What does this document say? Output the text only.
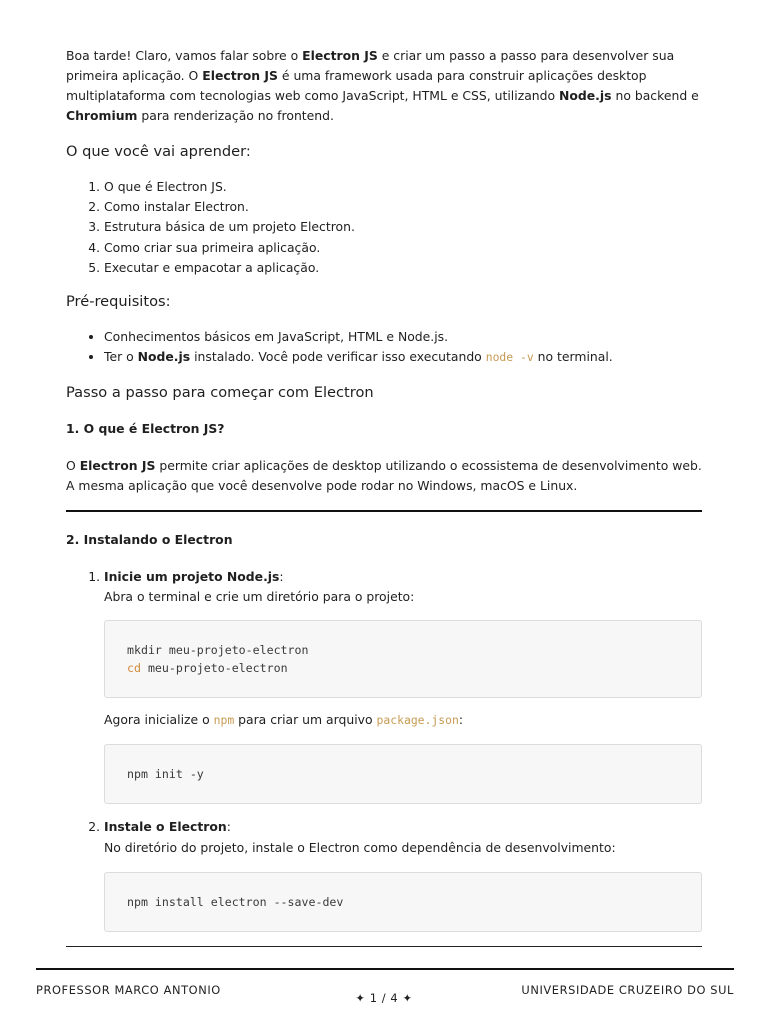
Boa tarde! Claro, vamos falar sobre o Electron JS e criar um passo a passo para desenvolver sua primeira aplicação. O Electron JS é uma framework usada para construir aplicações desktop multiplataforma com tecnologias web como JavaScript, HTML e CSS, utilizando Node.js no backend e Chromium para renderização no frontend.

O que você vai aprender:
1. O que é Electron JS.
2. Como instalar Electron.
3. Estrutura básica de um projeto Electron.
4. Como criar sua primeira aplicação.
5. Executar e empacotar a aplicação.
Pré-requisitos:
• Conhecimentos básicos em JavaScript, HTML e Node.js.
• Ter o Node.js instalado. Você pode verificar isso executando node -v no terminal.
Passo a passo para começar com Electron
1. O que é Electron JS?

O Electron JS permite criar aplicações de desktop utilizando o ecossistema de desenvolvimento web. A mesma aplicação que você desenvolve pode rodar no Windows, macOS e Linux.

2. Instalando o Electron
1. Inicie um projeto Node.js:
Abra o terminal e crie um diretório para o projeto:
mkdir meu-projeto-electron
cd meu-projeto-electron

Agora inicialize o npm para criar um arquivo package.json:

npm init -y
2. Instale o Electron:
No diretório do projeto, instale o Electron como dependência de desenvolvimento:
npm install electron --save-dev
PROFESSOR MARCO ANTONIO
✦ 1 / 4 ✦
UNIVERSIDADE CRUZEIRO DO SUL
